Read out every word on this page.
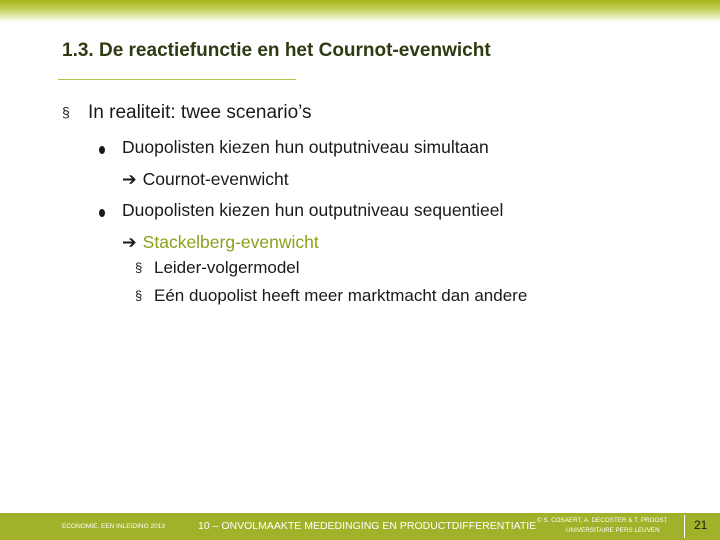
1.3. De reactiefunctie en het Cournot-evenwicht
§ In realiteit: twee scenario’s
Duopolisten kiezen hun outputniveau simultaan
➔ Cournot-evenwicht
Duopolisten kiezen hun outputniveau sequentieel
➔ Stackelberg-evenwicht
§ Leider-volgermodel
§ Eén duopolist heeft meer marktmacht dan andere
ECONOMIE, EEN INLEIDING 2013	10 – ONVOLMAAKTE MEDEDINGING EN PRODUCTDIFFERENTIATIE © S. COSAERT, A. DECOSTER & T. PROOST
UNIVERSITAIRE PERS LEUVEN	21
